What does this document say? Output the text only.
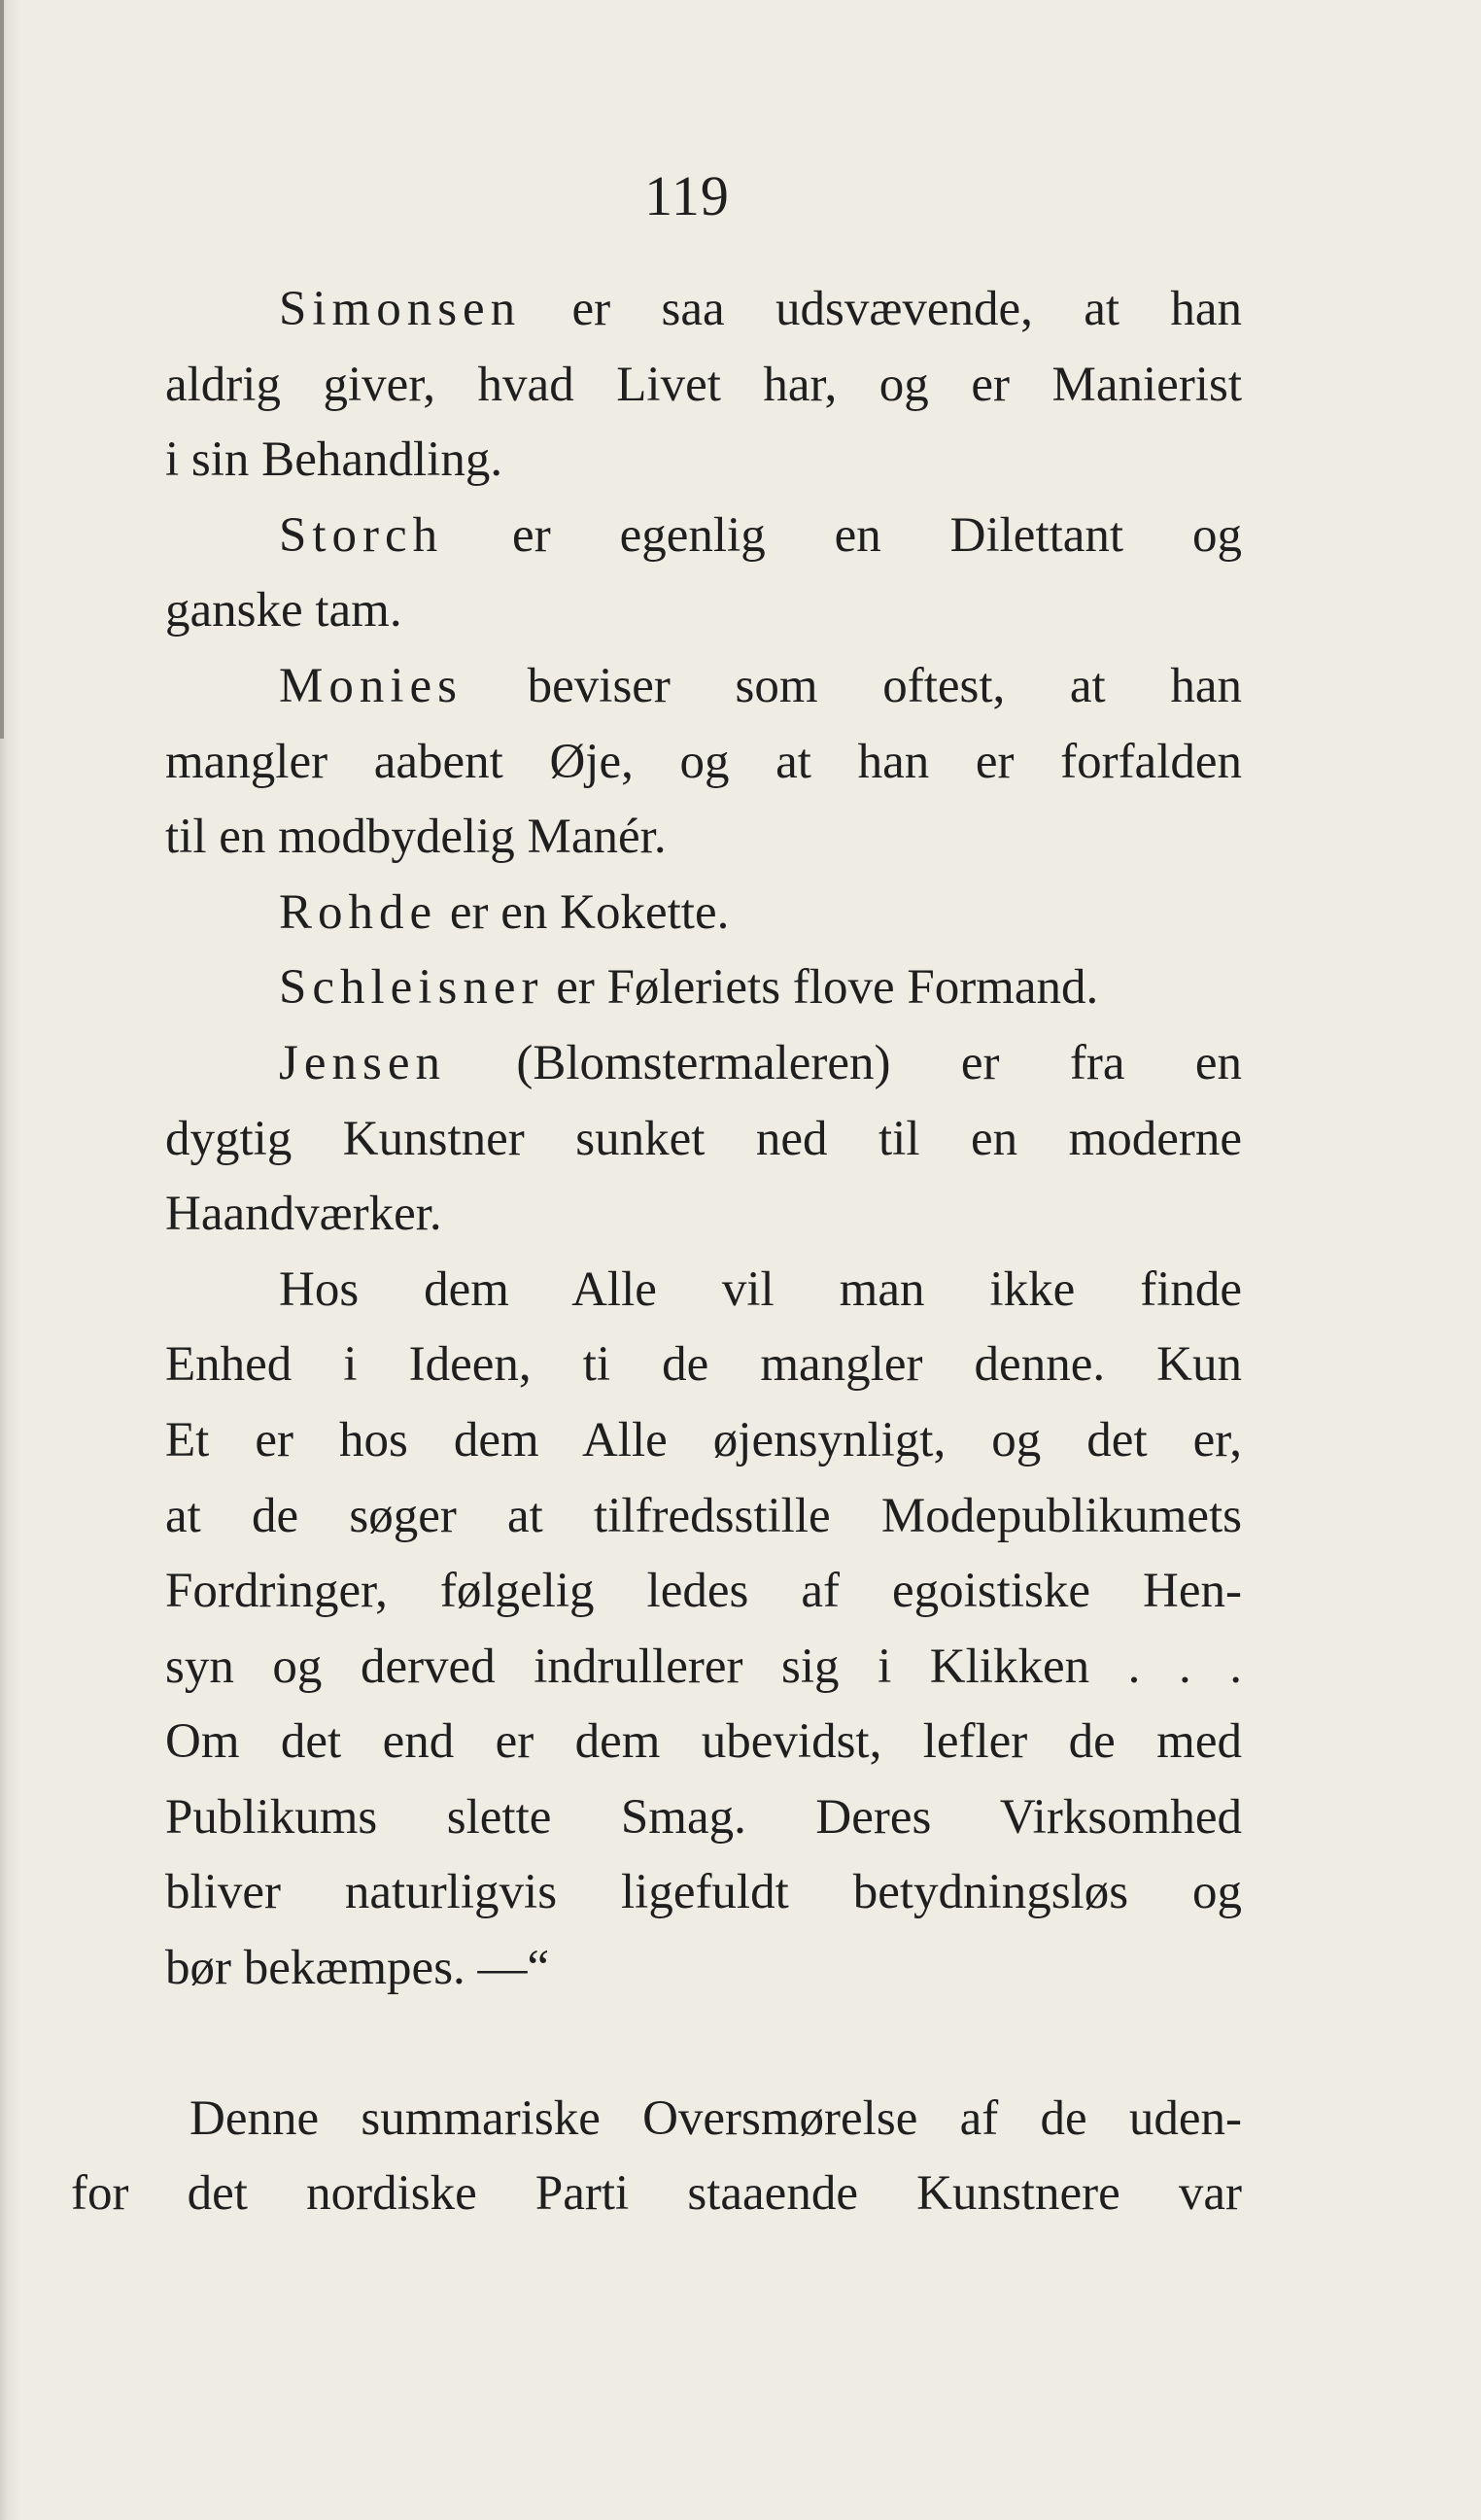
119
Simonsen er saa udsvævende, at han
aldrig giver, hvad Livet har, og er Manierist
i sin Behandling.
Storch er egenlig en Dilettant og
ganske tam.
Monies beviser som oftest, at han
mangler aabent Øje, og at han er forfalden
til en modbydelig Manér.
Rohde er en Kokette.
Schleisner er Føleriets flove Formand.
Jensen (Blomstermaleren) er fra en
dygtig Kunstner sunket ned til en moderne
Haandværker.
Hos dem Alle vil man ikke finde
Enhed i Ideen, ti de mangler denne. Kun
Et er hos dem Alle øjensynligt, og det er,
at de søger at tilfredsstille Modepublikumets
Fordringer, følgelig ledes af egoistiske Hen-
syn og derved indrullerer sig i Klikken . . .
Om det end er dem ubevidst, lefler de med
Publikums slette Smag. Deres Virksomhed
bliver naturligvis ligefuldt betydningsløs og
bør bekæmpes. —“
Denne summariske Oversmørelse af de uden-
for det nordiske Parti staaende Kunstnere var
